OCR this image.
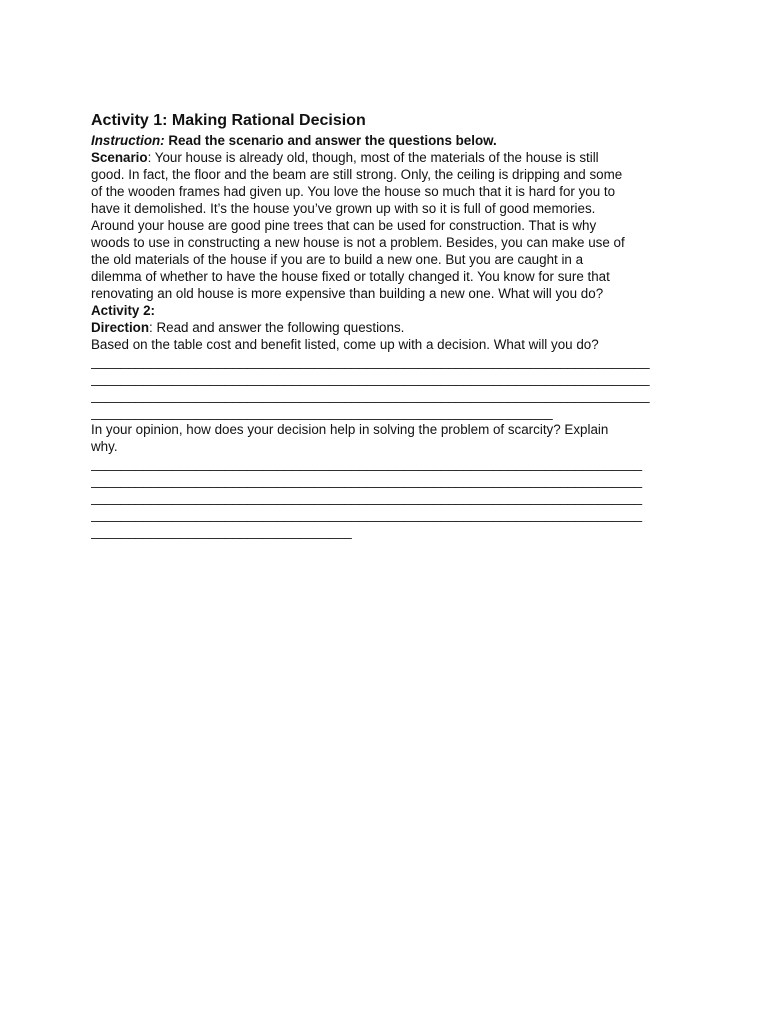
Activity 1: Making Rational Decision

Instruction: Read the scenario and answer the questions below.

Scenario: Your house is already old, though, most of the materials of the house is still

good. In fact, the floor and the beam are still strong. Only, the ceiling is dripping and some

of the wooden frames had given up. You love the house so much that it is hard for you to

have it demolished. It’s the house you’ve grown up with so it is full of good memories.

Around your house are good pine trees that can be used for construction. That is why

woods to use in constructing a new house is not a problem. Besides, you can make use of

the old materials of the house if you are to build a new one. But you are caught in a

dilemma of whether to have the house fixed or totally changed it. You know for sure that

renovating an old house is more expensive than building a new one. What will you do?

Activity 2:

Direction: Read and answer the following questions.

Based on the table cost and benefit listed, come up with a decision. What will you do?

___________________________________________________________________________

___________________________________________________________________________

___________________________________________________________________________

______________________________________________________________

In your opinion, how does your decision help in solving the problem of scarcity? Explain

why.

__________________________________________________________________________

__________________________________________________________________________

__________________________________________________________________________

__________________________________________________________________________

___________________________________
